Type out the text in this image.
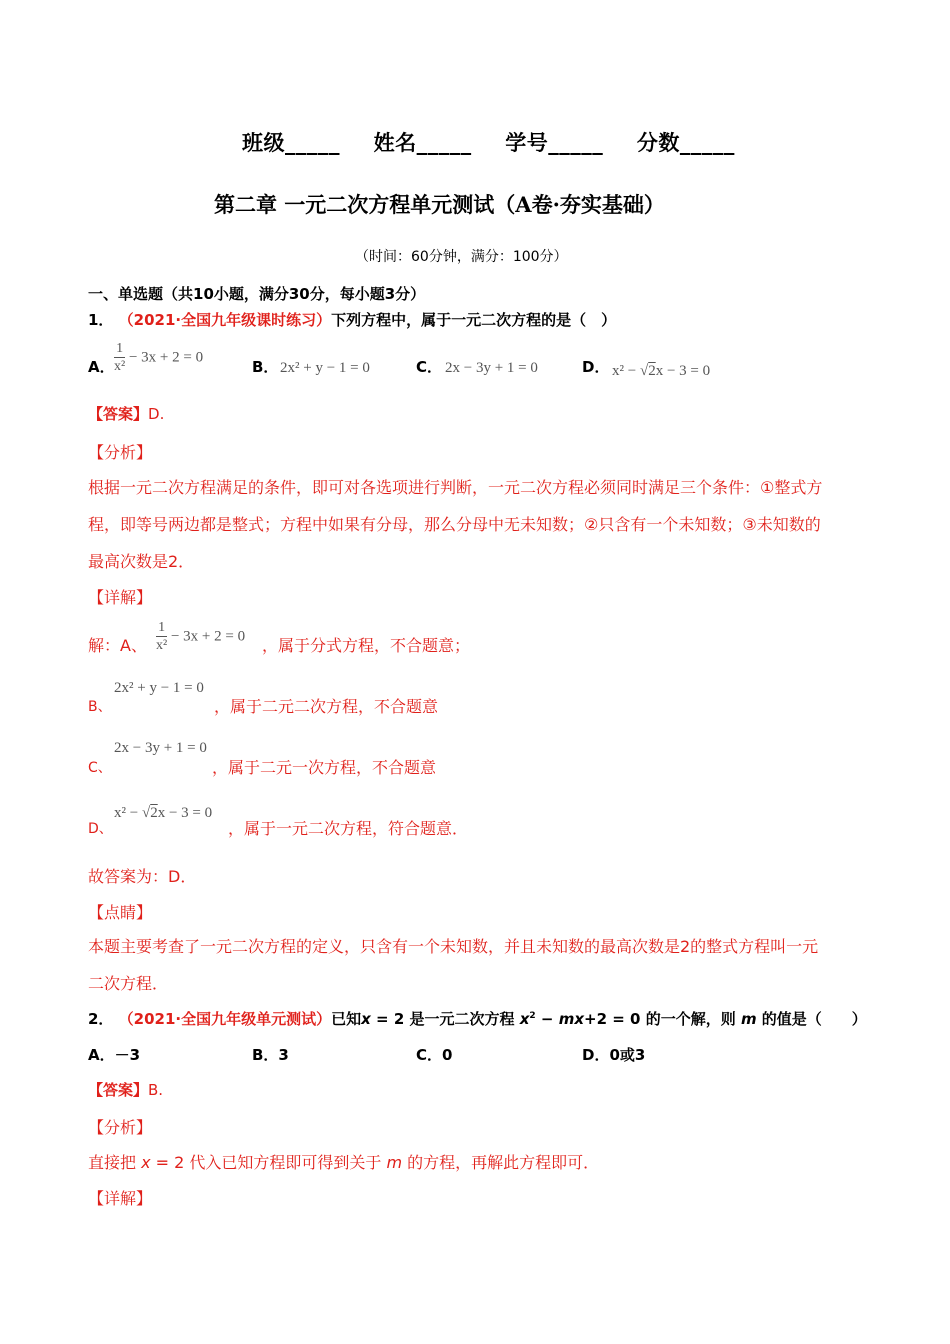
班级_____ 姓名_____ 学号_____ 分数_____
第二章 一元二次方程单元测试（A卷·夯实基础）
（时间：60分钟，满分：100分）
一、单选题（共10小题，满分30分，每小题3分）
1． （2021·全国九年级课时练习）下列方程中，属于一元二次方程的是（　）
A． $\frac{1}{\text{x²}} - 3x + 2 = 0$
B． 2x² + y − 1 = 0	C． 2x − 3y + 1 = 0	D． x² − √2x − 3 = 0
【答案】D.
【分析】
根据一元二次方程满足的条件，即可对各选项进行判断，一元二次方程必须同时满足三个条件：①整式方
程，即等号两边都是整式；方程中如果有分母，那么分母中无未知数；②只含有一个未知数；③未知数的
最高次数是2．
【详解】
解：A、 $\frac{1}{\text{x²}} - 3x + 2 = 0$ ，属于分式方程，不合题意；
B、
2x² + y − 1 = 0
，属于二元二次方程，不合题意
C、
2x − 3y + 1 = 0
，属于二元一次方程，不合题意
D、
x² − √2x − 3 = 0
，属于一元二次方程，符合题意．
故答案为：D．
【点睛】
本题主要考查了一元二次方程的定义，只含有一个未知数，并且未知数的最高次数是2的整式方程叫一元
二次方程．
2． （2021·全国九年级单元测试）已知x = 2 是一元二次方程 $x^2 - mx+2 = 0$ 的一个解，则 m 的值是（　　）
A．－3	B．3	C．0	D．0或3
【答案】B.
【分析】
直接把 x = 2 代入已知方程即可得到关于 m 的方程，再解此方程即可．
【详解】
